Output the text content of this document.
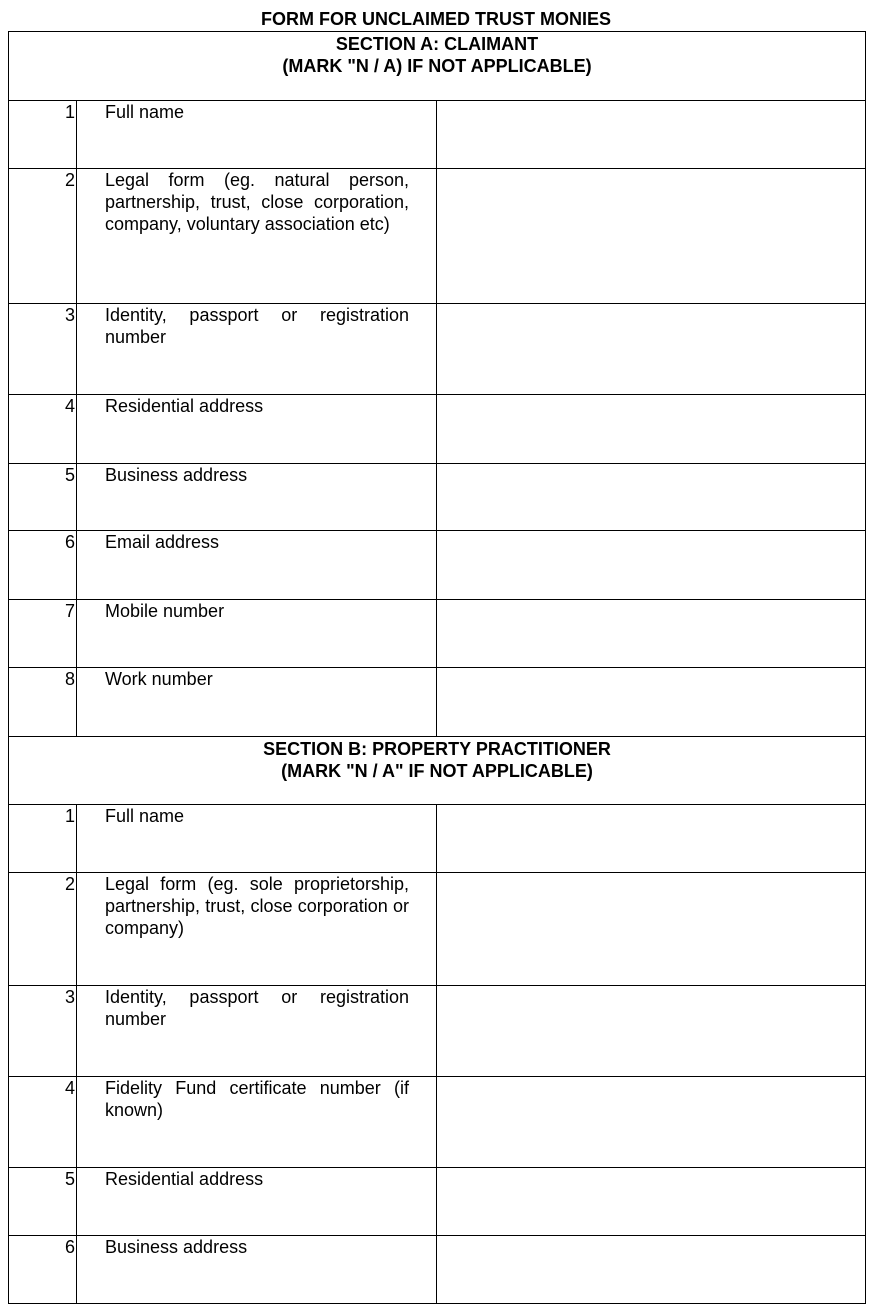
FORM FOR UNCLAIMED TRUST MONIES
SECTION A: CLAIMANT
(MARK "N / A) IF NOT APPLICABLE)		

1	Full name	

2	Legal form (eg. natural person, partnership, trust, close corporation, company, voluntary association etc)	

3	Identity, passport or registration number	

4	Residential address	

5	Business address	

6	Email address	

7	Mobile number	

8	Work number	

SECTION B: PROPERTY PRACTITIONER
(MARK "N / A" IF NOT APPLICABLE)		

1	Full name	

2	Legal form (eg. sole proprietorship, partnership, trust, close corporation or company)	

3	Identity, passport or registration number	

4	Fidelity Fund certificate number (if known)	

5	Residential address	

6	Business address	
